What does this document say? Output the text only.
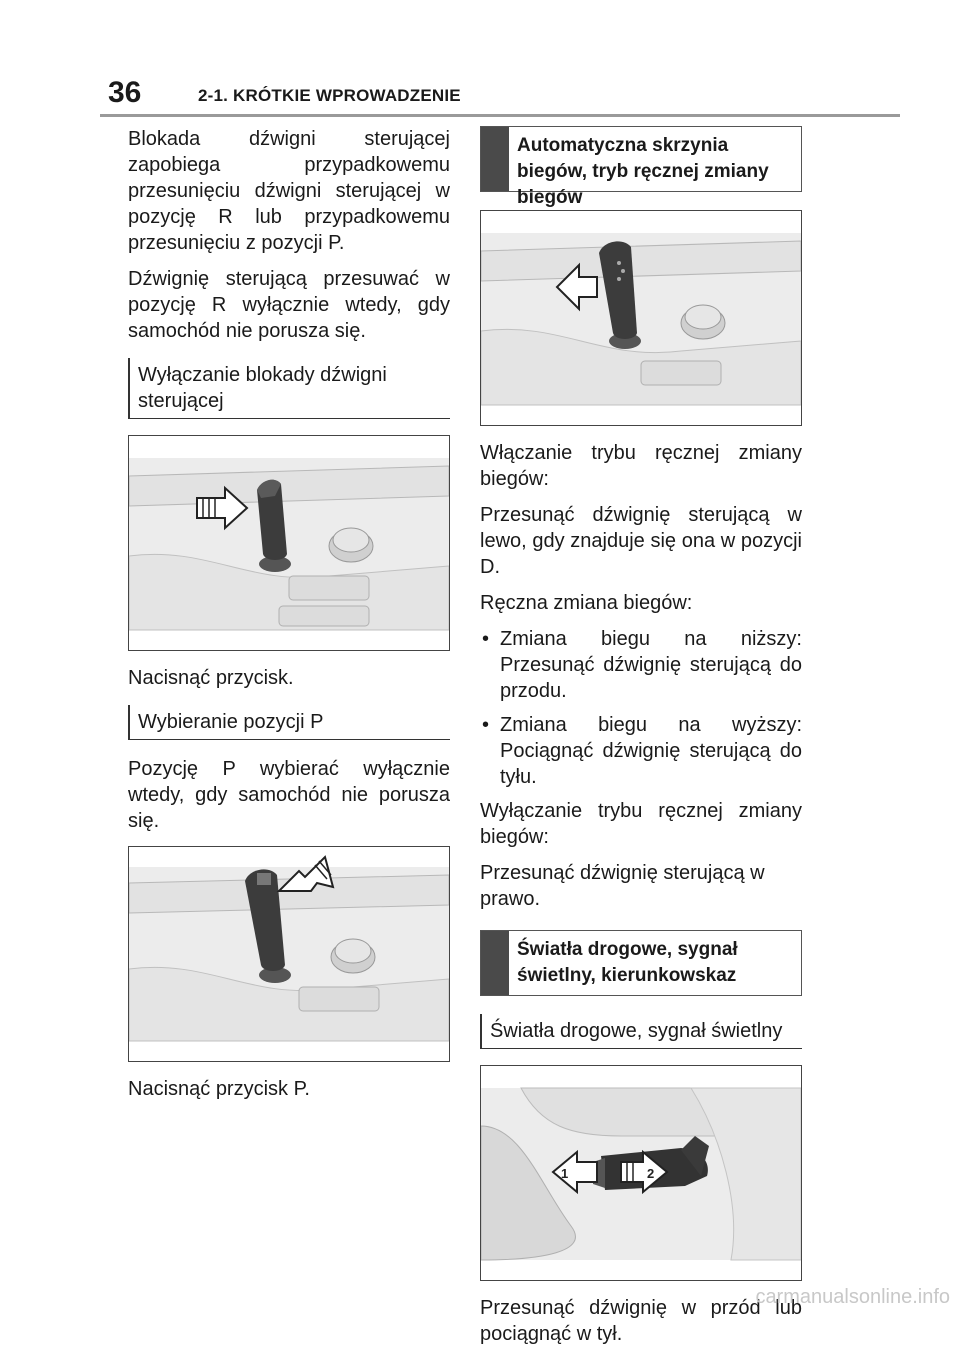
36	2-1. KRÓTKIE WPROWADZENIE

Blokada dźwigni sterującej zapobiega przypadkowemu przesunięciu dźwigni sterującej w pozycję R lub przypadkowemu przesunięciu z pozycji P.

Dźwignię sterującą przesuwać w pozycję R wyłącznie wtedy, gdy samochód nie porusza się.

Wyłączanie blokady dźwigni sterującej

Nacisnąć przycisk.

Wybieranie pozycji P

Pozycję P wybierać wyłącznie wtedy, gdy samochód nie porusza się.

Nacisnąć przycisk P.

Automatyczna skrzynia biegów, tryb ręcznej zmiany biegów

Włączanie trybu ręcznej zmiany biegów:

Przesunąć dźwignię sterującą w lewo, gdy znajduje się ona w pozycji D.

Ręczna zmiana biegów:

• Zmiana biegu na niższy: Przesunąć dźwignię sterującą do przodu.
• Zmiana biegu na wyższy: Pociągnąć dźwignię sterującą do tyłu.

Wyłączanie trybu ręcznej zmiany biegów:

Przesunąć dźwignię sterującą w prawo.

Światła drogowe, sygnał świetlny, kierunkowskaz
Światła drogowe, sygnał świetlny
1	2

Przesunąć dźwignię w przód lub pociągnąć w tył.

carmanualsonline.info
